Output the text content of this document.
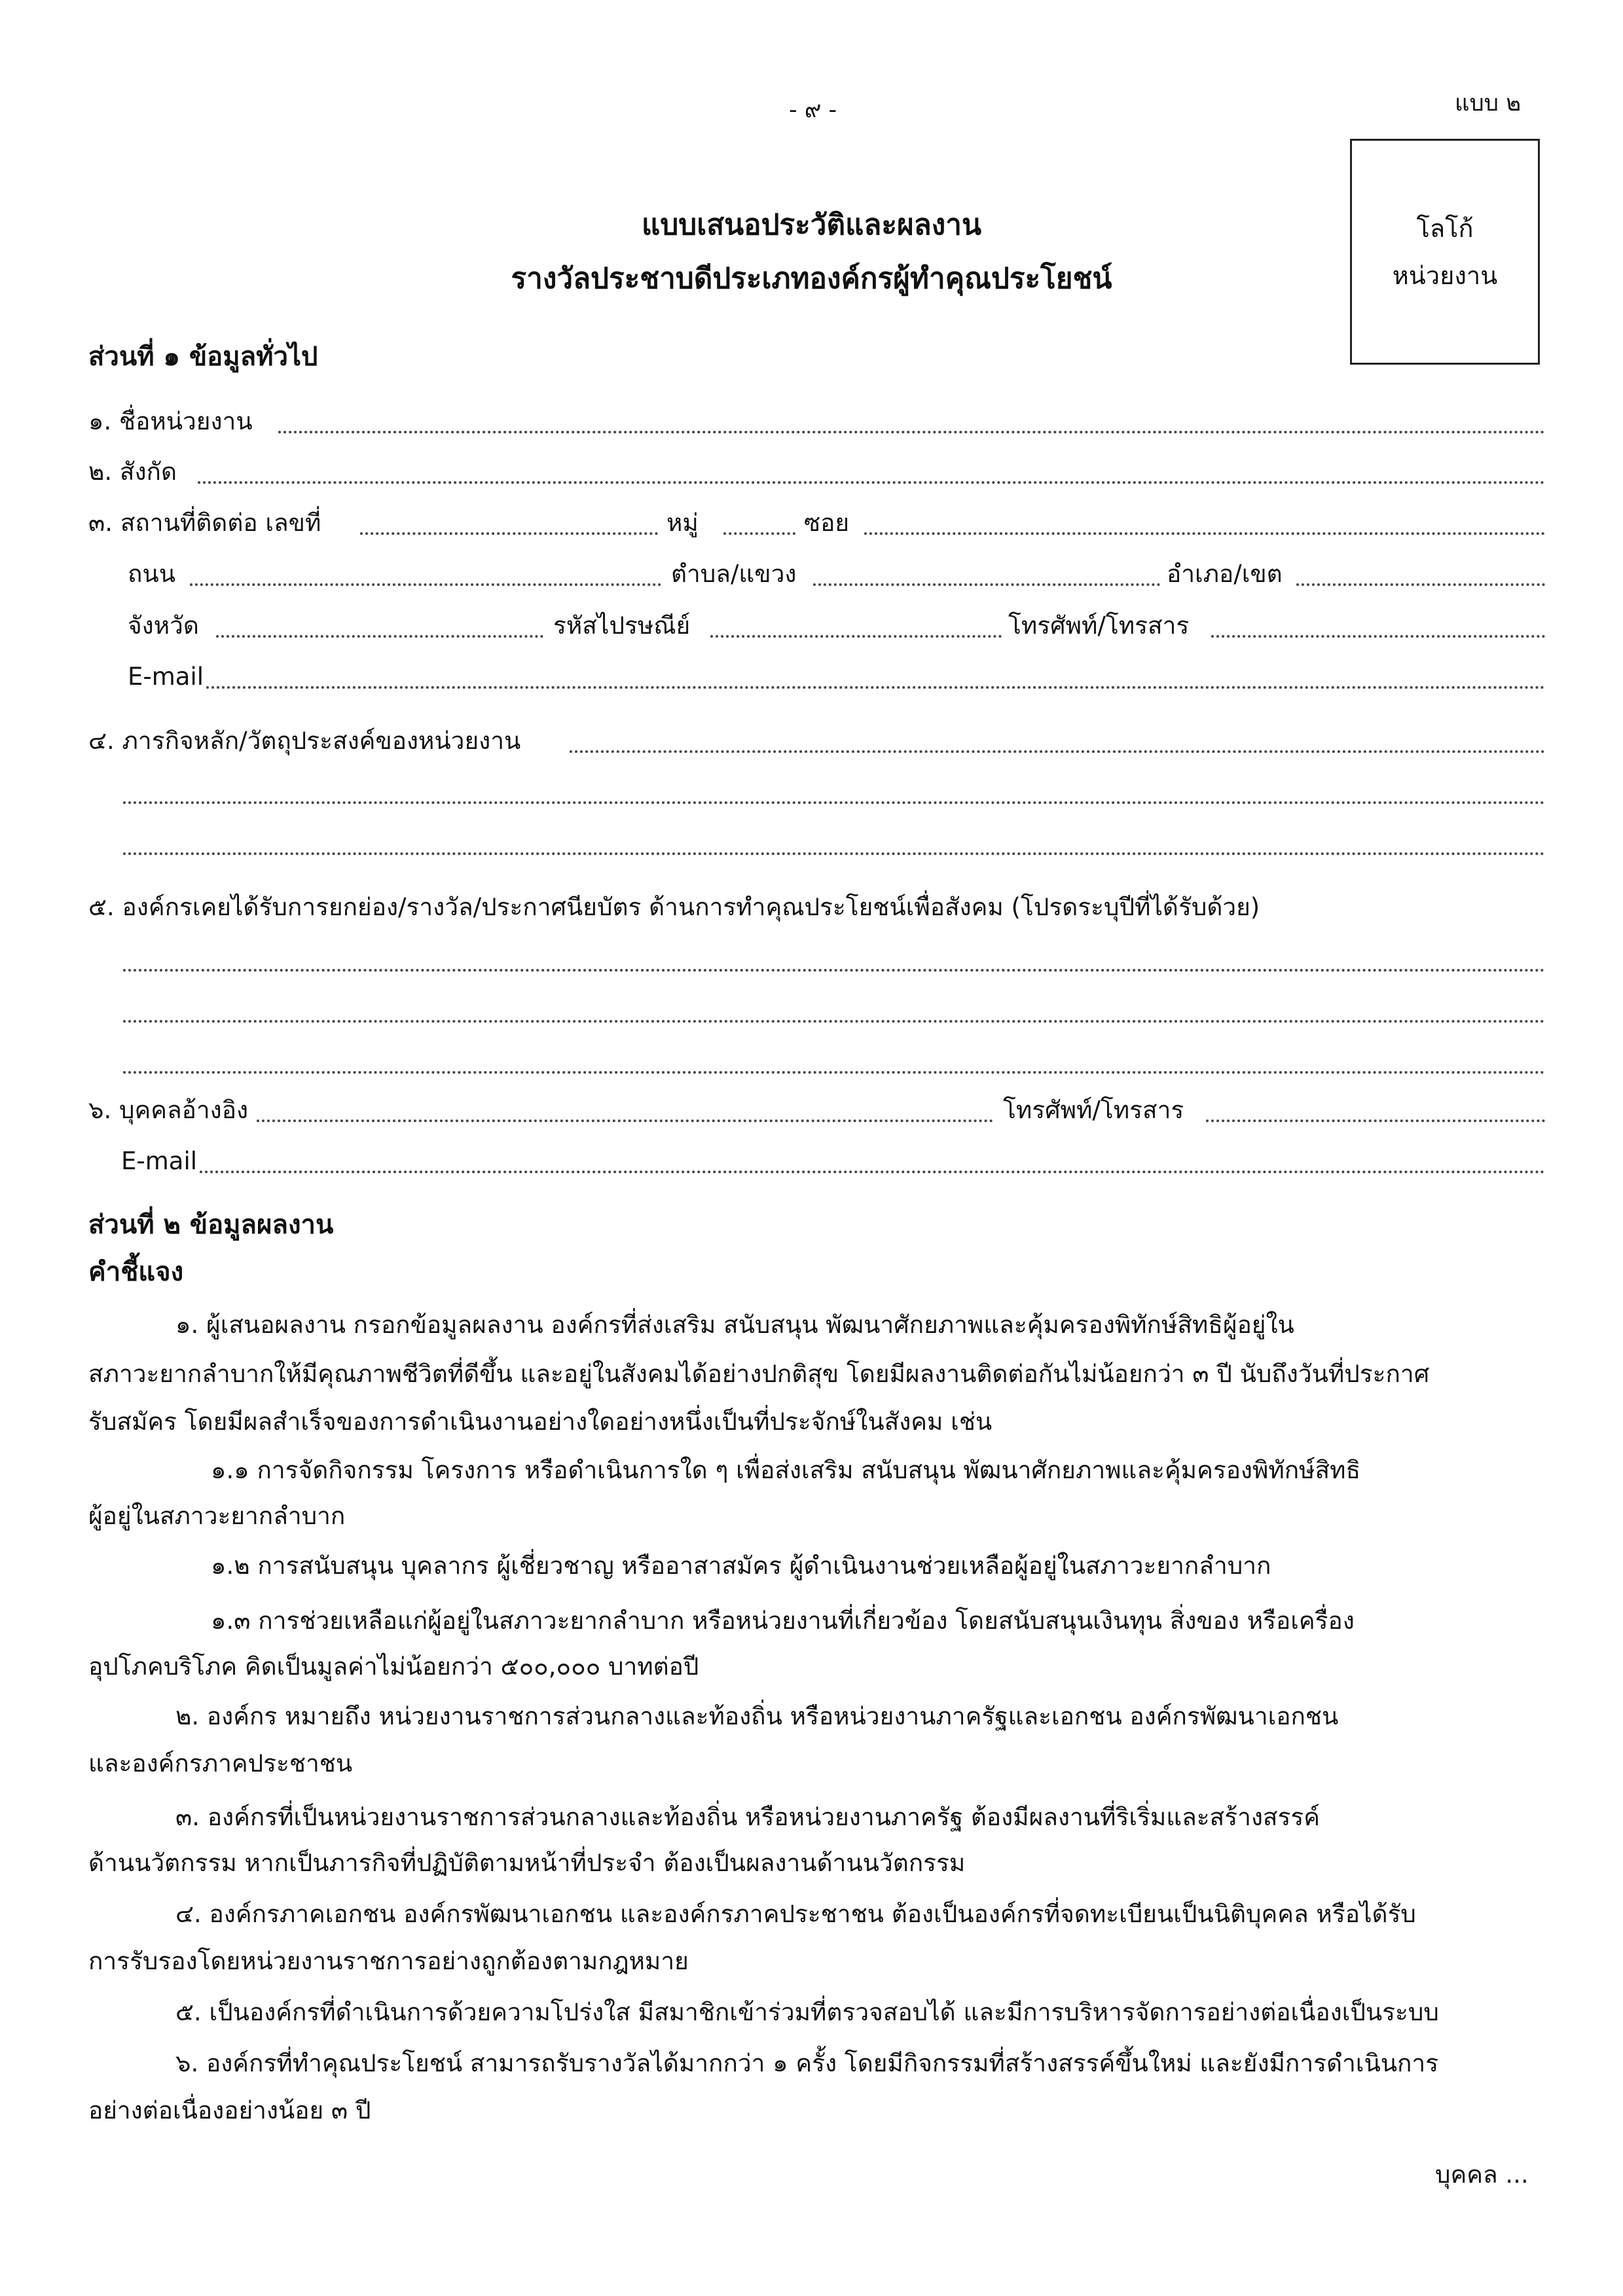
- ๙ -	แบบ ๒
แบบเสนอประวัติและผลงาน
รางวัลประชาบดีประเภทองค์กรผู้ทำคุณประโยชน์
โลโก้
หน่วยงาน
ส่วนที่ ๑ ข้อมูลทั่วไป
๑. ชื่อหน่วยงาน
๒. สังกัด
๓. สถานที่ติดต่อ เลขที่	หมู่	ซอย
ถนน	ตำบล/แขวง	อำเภอ/เขต
จังหวัด	รหัสไปรษณีย์	โทรศัพท์/โทรสาร
E-mail
๔. ภารกิจหลัก/วัตถุประสงค์ของหน่วยงาน
๕. องค์กรเคยได้รับการยกย่อง/รางวัล/ประกาศนียบัตร ด้านการทำคุณประโยชน์เพื่อสังคม (โปรดระบุปีที่ได้รับด้วย)
๖. บุคคลอ้างอิง	โทรศัพท์/โทรสาร
E-mail
ส่วนที่ ๒ ข้อมูลผลงาน
คำชี้แจง
๑. ผู้เสนอผลงาน กรอกข้อมูลผลงาน องค์กรที่ส่งเสริม สนับสนุน พัฒนาศักยภาพและคุ้มครองพิทักษ์สิทธิผู้อยู่ใน
สภาวะยากลำบากให้มีคุณภาพชีวิตที่ดีขึ้น และอยู่ในสังคมได้อย่างปกติสุข โดยมีผลงานติดต่อกันไม่น้อยกว่า ๓ ปี นับถึงวันที่ประกาศ
รับสมัคร โดยมีผลสำเร็จของการดำเนินงานอย่างใดอย่างหนึ่งเป็นที่ประจักษ์ในสังคม เช่น
๑.๑ การจัดกิจกรรม โครงการ หรือดำเนินการใด ๆ เพื่อส่งเสริม สนับสนุน พัฒนาศักยภาพและคุ้มครองพิทักษ์สิทธิ
ผู้อยู่ในสภาวะยากลำบาก
๑.๒ การสนับสนุน บุคลากร ผู้เชี่ยวชาญ หรืออาสาสมัคร ผู้ดำเนินงานช่วยเหลือผู้อยู่ในสภาวะยากลำบาก
๑.๓ การช่วยเหลือแก่ผู้อยู่ในสภาวะยากลำบาก หรือหน่วยงานที่เกี่ยวข้อง โดยสนับสนุนเงินทุน สิ่งของ หรือเครื่อง
อุปโภคบริโภค คิดเป็นมูลค่าไม่น้อยกว่า ๕๐๐,๐๐๐ บาทต่อปี
๒. องค์กร หมายถึง หน่วยงานราชการส่วนกลางและท้องถิ่น หรือหน่วยงานภาครัฐและเอกชน องค์กรพัฒนาเอกชน
และองค์กรภาคประชาชน
๓. องค์กรที่เป็นหน่วยงานราชการส่วนกลางและท้องถิ่น หรือหน่วยงานภาครัฐ ต้องมีผลงานที่ริเริ่มและสร้างสรรค์
ด้านนวัตกรรม หากเป็นภารกิจที่ปฏิบัติตามหน้าที่ประจำ ต้องเป็นผลงานด้านนวัตกรรม
๔. องค์กรภาคเอกชน องค์กรพัฒนาเอกชน และองค์กรภาคประชาชน ต้องเป็นองค์กรที่จดทะเบียนเป็นนิติบุคคล หรือได้รับ
การรับรองโดยหน่วยงานราชการอย่างถูกต้องตามกฎหมาย
๕. เป็นองค์กรที่ดำเนินการด้วยความโปร่งใส มีสมาชิกเข้าร่วมที่ตรวจสอบได้ และมีการบริหารจัดการอย่างต่อเนื่องเป็นระบบ
๖. องค์กรที่ทำคุณประโยชน์ สามารถรับรางวัลได้มากกว่า ๑ ครั้ง โดยมีกิจกรรมที่สร้างสรรค์ขึ้นใหม่ และยังมีการดำเนินการ
อย่างต่อเนื่องอย่างน้อย ๓ ปี
บุคคล ...
